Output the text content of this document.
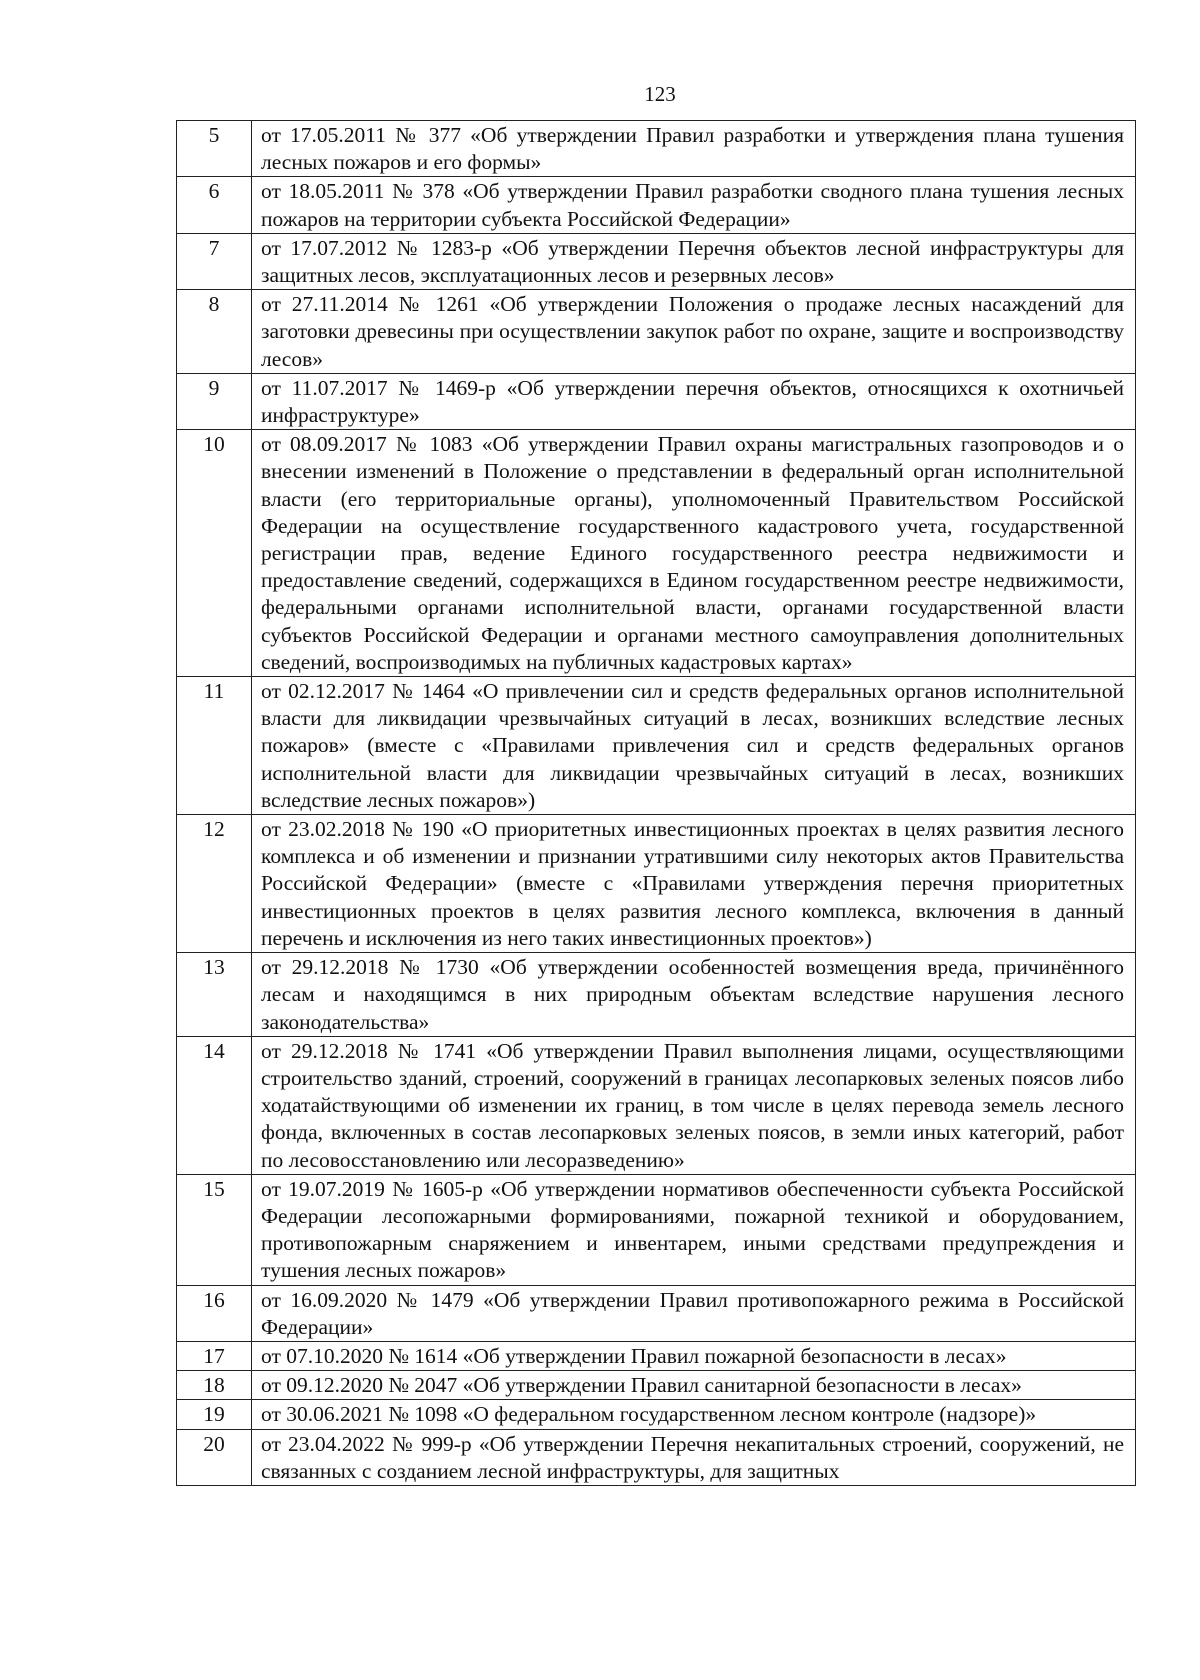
123
5	от 17.05.2011 № 377 «Об утверждении Правил разработки и утверждения плана тушения лесных пожаров и его формы»
6	от 18.05.2011 № 378 «Об утверждении Правил разработки сводного плана тушения лесных пожаров на территории субъекта Российской Федерации»
7	от 17.07.2012 № 1283-р «Об утверждении Перечня объектов лесной инфраструктуры для защитных лесов, эксплуатационных лесов и резервных лесов»
8	от 27.11.2014 № 1261 «Об утверждении Положения о продаже лесных насаждений для заготовки древесины при осуществлении закупок работ по охране, защите и воспроизводству лесов»
9	от 11.07.2017 № 1469-р «Об утверждении перечня объектов, относящихся к охотничьей инфраструктуре»
10	от 08.09.2017 № 1083 «Об утверждении Правил охраны магистральных газопроводов и о внесении изменений в Положение о представлении в федеральный орган исполнительной власти (его территориальные органы), уполномоченный Правительством Российской Федерации на осуществление государственного кадастрового учета, государственной регистрации прав, ведение Единого государственного реестра недвижимости и предоставление сведений, содержащихся в Едином государственном реестре недвижимости, федеральными органами исполнительной власти, органами государственной власти субъектов Российской Федерации и органами местного самоуправления дополнительных сведений, воспроизводимых на публичных кадастровых картах»
11	от 02.12.2017 № 1464 «О привлечении сил и средств федеральных органов исполнительной власти для ликвидации чрезвычайных ситуаций в лесах, возникших вследствие лесных пожаров» (вместе с «Правилами привлечения сил и средств федеральных органов исполнительной власти для ликвидации чрезвычайных ситуаций в лесах, возникших вследствие лесных пожаров»)
12	от 23.02.2018 № 190 «О приоритетных инвестиционных проектах в целях развития лесного комплекса и об изменении и признании утратившими силу некоторых актов Правительства Российской Федерации» (вместе с «Правилами утверждения перечня приоритетных инвестиционных проектов в целях развития лесного комплекса, включения в данный перечень и исключения из него таких инвестиционных проектов»)
13	от 29.12.2018 № 1730 «Об утверждении особенностей возмещения вреда, причинённого лесам и находящимся в них природным объектам вследствие нарушения лесного законодательства»
14	от 29.12.2018 № 1741 «Об утверждении Правил выполнения лицами, осуществляющими строительство зданий, строений, сооружений в границах лесопарковых зеленых поясов либо ходатайствующими об изменении их границ, в том числе в целях перевода земель лесного фонда, включенных в состав лесопарковых зеленых поясов, в земли иных категорий, работ по лесовосстановлению или лесоразведению»
15	от 19.07.2019 № 1605-р «Об утверждении нормативов обеспеченности субъекта Российской Федерации лесопожарными формированиями, пожарной техникой и оборудованием, противопожарным снаряжением и инвентарем, иными средствами предупреждения и тушения лесных пожаров»
16	от 16.09.2020 № 1479 «Об утверждении Правил противопожарного режима в Российской Федерации»
17	от 07.10.2020 № 1614 «Об утверждении Правил пожарной безопасности в лесах»
18	от 09.12.2020 № 2047 «Об утверждении Правил санитарной безопасности в лесах»
19	от 30.06.2021 № 1098 «О федеральном государственном лесном контроле (надзоре)»
20	от 23.04.2022 № 999-р «Об утверждении Перечня некапитальных строений, сооружений, не связанных с созданием лесной инфраструктуры, для защитных
